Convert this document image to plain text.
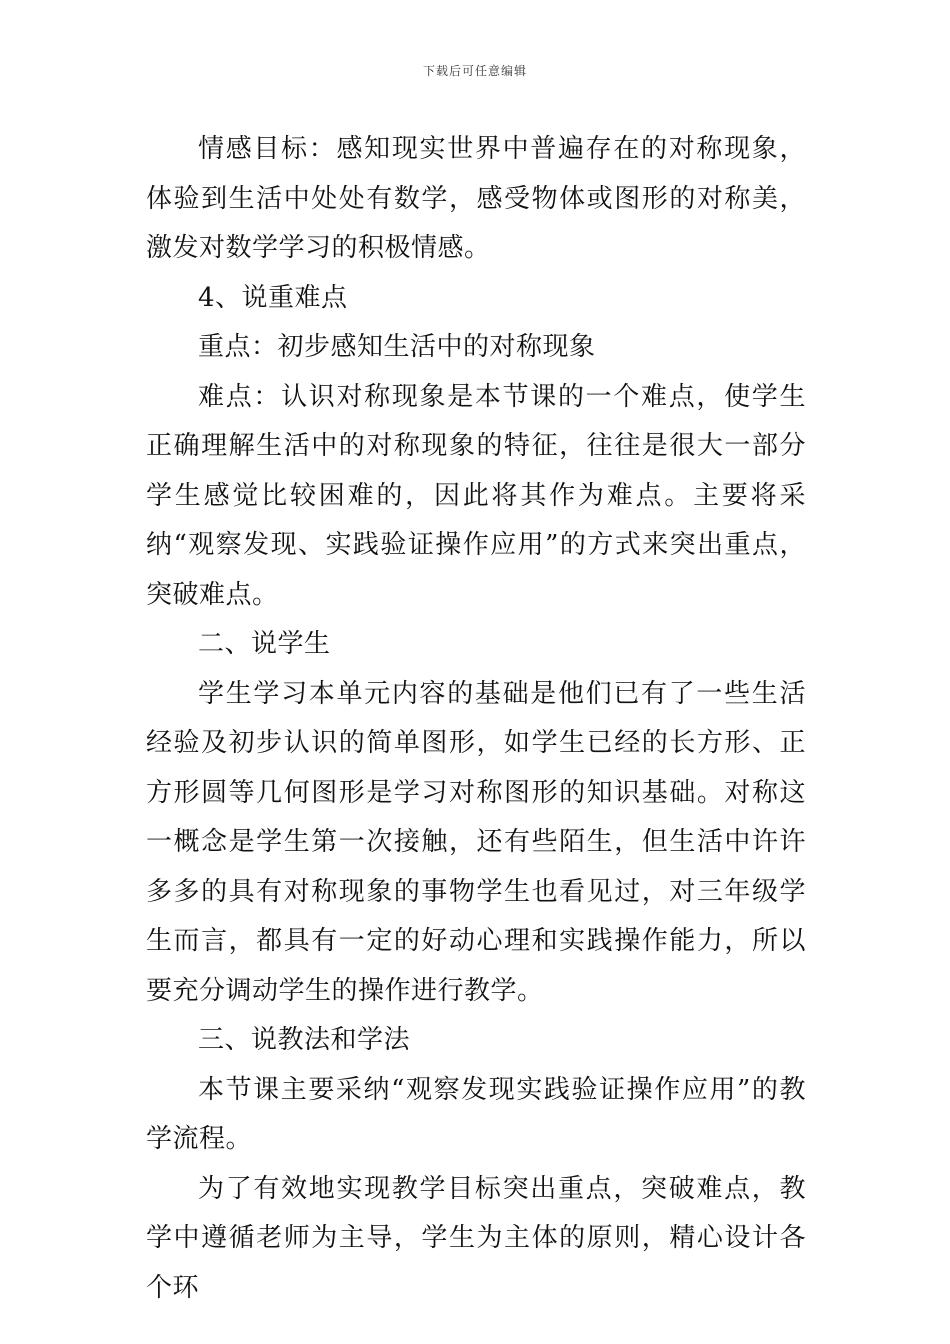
下载后可任意编辑

情感目标：感知现实世界中普遍存在的对称现象，体验到生活中处处有数学，感受物体或图形的对称美，激发对数学学习的积极情感。

4、说重难点

重点：初步感知生活中的对称现象

难点：认识对称现象是本节课的一个难点，使学生正确理解生活中的对称现象的特征，往往是很大一部分学生感觉比较困难的，因此将其作为难点。主要将采纳“观察发现、实践验证操作应用”的方式来突出重点，突破难点。

二、说学生

学生学习本单元内容的基础是他们已有了一些生活经验及初步认识的简单图形，如学生已经的长方形、正方形圆等几何图形是学习对称图形的知识基础。对称这一概念是学生第一次接触，还有些陌生，但生活中许许多多的具有对称现象的事物学生也看见过，对三年级学生而言，都具有一定的好动心理和实践操作能力，所以要充分调动学生的操作进行教学。

三、说教法和学法

本节课主要采纳“观察发现实践验证操作应用”的教学流程。

为了有效地实现教学目标突出重点，突破难点，教学中遵循老师为主导，学生为主体的原则，精心设计各个环
